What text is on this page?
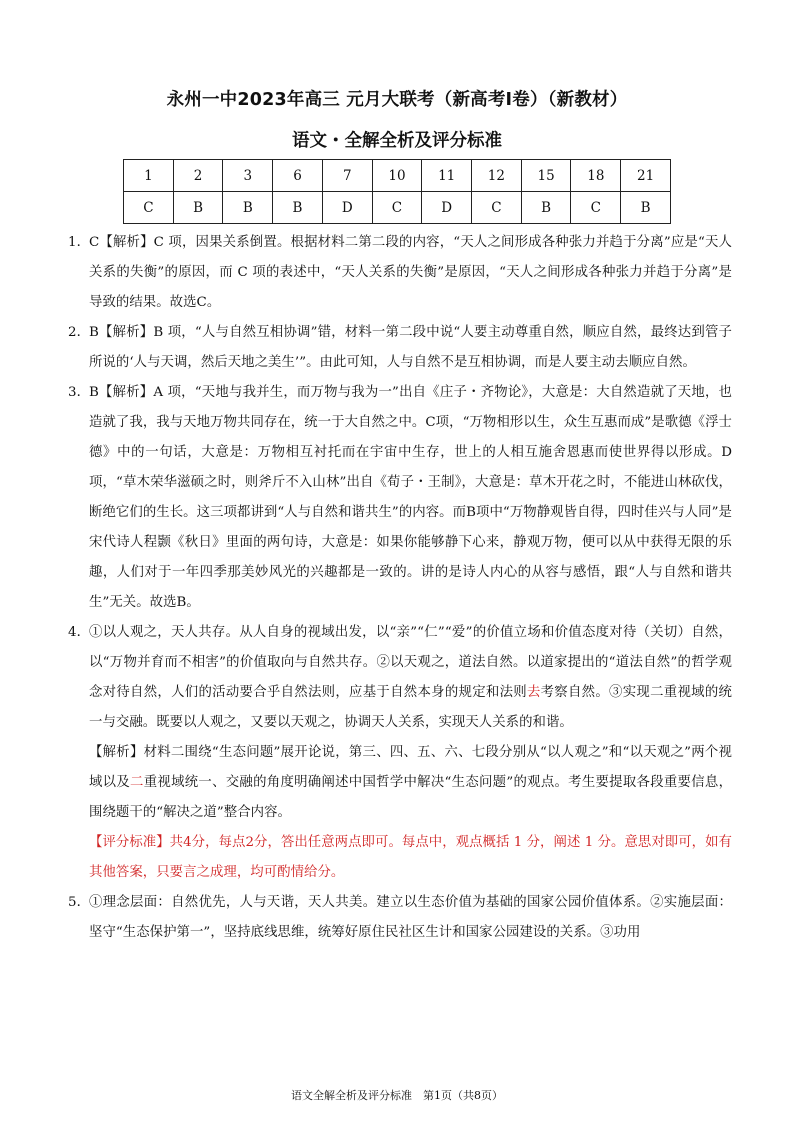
永州一中2023年高三 元月大联考（新高考Ⅰ卷）（新教材）
语文・全解全析及评分标准
1	2	3	6	7	10	11	12	15	18	21
C	B	B	B	D	C	D	C	B	C	B
1．
C【解析】C 项，因果关系倒置。根据材料二第二段的内容，“天人之间形成各种张力并趋于分离”应是“天人关系的失衡”的原因，而 C 项的表述中，“天人关系的失衡”是原因，“天人之间形成各种张力并趋于分离”是导致的结果。故选C。
2．
B【解析】B 项，“人与自然互相协调”错，材料一第二段中说“人要主动尊重自然，顺应自然，最终达到管子所说的‘人与天调，然后天地之美生’”。由此可知，人与自然不是互相协调，而是人要主动去顺应自然。
3．
B【解析】A 项，“天地与我并生，而万物与我为一”出自《庄子・齐物论》，大意是：大自然造就了天地，也造就了我，我与天地万物共同存在，统一于大自然之中。C项，“万物相形以生，众生互惠而成”是歌德《浮士德》中的一句话，大意是：万物相互衬托而在宇宙中生存，世上的人相互施舍恩惠而使世界得以形成。D 项，“草木荣华滋硕之时，则斧斤不入山林”出自《荀子・王制》，大意是：草木开花之时，不能进山林砍伐，断绝它们的生长。这三项都讲到“人与自然和谐共生”的内容。而B项中“万物静观皆自得，四时佳兴与人同”是宋代诗人程颢《秋日》里面的两句诗，大意是：如果你能够静下心来，静观万物，便可以从中获得无限的乐趣，人们对于一年四季那美妙风光的兴趣都是一致的。讲的是诗人内心的从容与感悟，跟“人与自然和谐共生”无关。故选B。
4．
①以人观之，天人共存。从人自身的视域出发，以“亲”“仁”“爱”的价值立场和价值态度对待（关切）自然，以“万物并育而不相害”的价值取向与自然共存。②以天观之，道法自然。以道家提出的“道法自然”的哲学观念对待自然，人们的活动要合乎自然法则，应基于自然本身的规定和法则去考察自然。③实现二重视域的统一与交融。既要以人观之，又要以天观之，协调天人关系，实现天人关系的和谐。
【解析】材料二围绕“生态问题”展开论说，第三、四、五、六、七段分别从“以人观之”和“以天观之”两个视域以及二重视域统一、交融的角度明确阐述中国哲学中解决“生态问题”的观点。考生要提取各段重要信息，围绕题干的“解决之道”整合内容。
【评分标准】共4分，每点2分，答出任意两点即可。每点中，观点概括 1 分，阐述 1 分。意思对即可，如有其他答案，只要言之成理，均可酌情给分。
5．
①理念层面：自然优先，人与天谐，天人共美。建立以生态价值为基础的国家公园价值体系。②实施层面：坚守“生态保护第一”，坚持底线思维，统筹好原住民社区生计和国家公园建设的关系。③功用
语文全解全析及评分标准　第1页（共8页）
